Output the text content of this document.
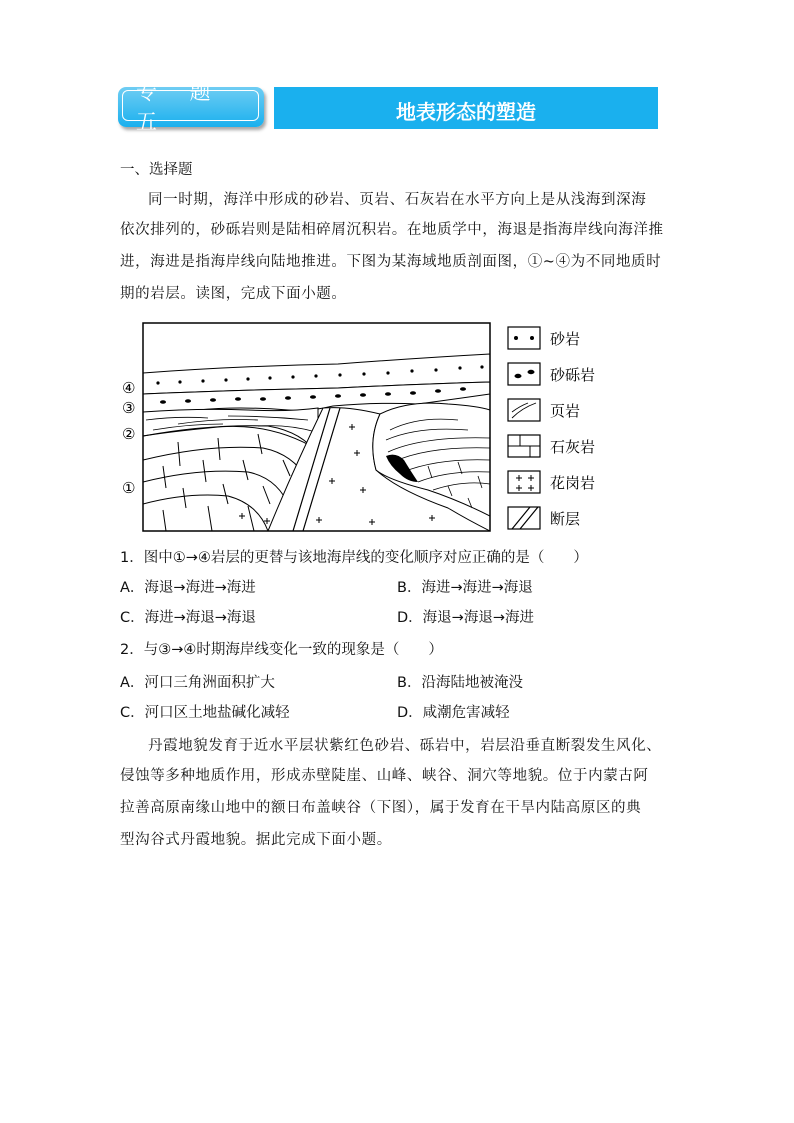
专 题 五	地表形态的塑造
一、选择题
同一时期，海洋中形成的砂岩、页岩、石灰岩在水平方向上是从浅海到深海
依次排列的，砂砾岩则是陆相碎屑沉积岩。在地质学中，海退是指海岸线向海洋推
进，海进是指海岸线向陆地推进。下图为某海域地质剖面图，①~④为不同地质时
期的岩层。读图，完成下面小题。
④
③
②
①
砂岩
砂砾岩
页岩
石灰岩
花岗岩
断层
1．图中①→④岩层的更替与该地海岸线的变化顺序对应正确的是（　　）
A．海退→海进→海进	B．海进→海进→海退
C．海进→海退→海退	D．海退→海退→海进
2．与③→④时期海岸线变化一致的现象是（　　）
A．河口三角洲面积扩大	B．沿海陆地被淹没
C．河口区土地盐碱化减轻	D．咸潮危害减轻
丹霞地貌发育于近水平层状紫红色砂岩、砾岩中，岩层沿垂直断裂发生风化、
侵蚀等多种地质作用，形成赤壁陡崖、山峰、峡谷、洞穴等地貌。位于内蒙古阿
拉善高原南缘山地中的额日布盖峡谷（下图），属于发育在干旱内陆高原区的典
型沟谷式丹霞地貌。据此完成下面小题。
